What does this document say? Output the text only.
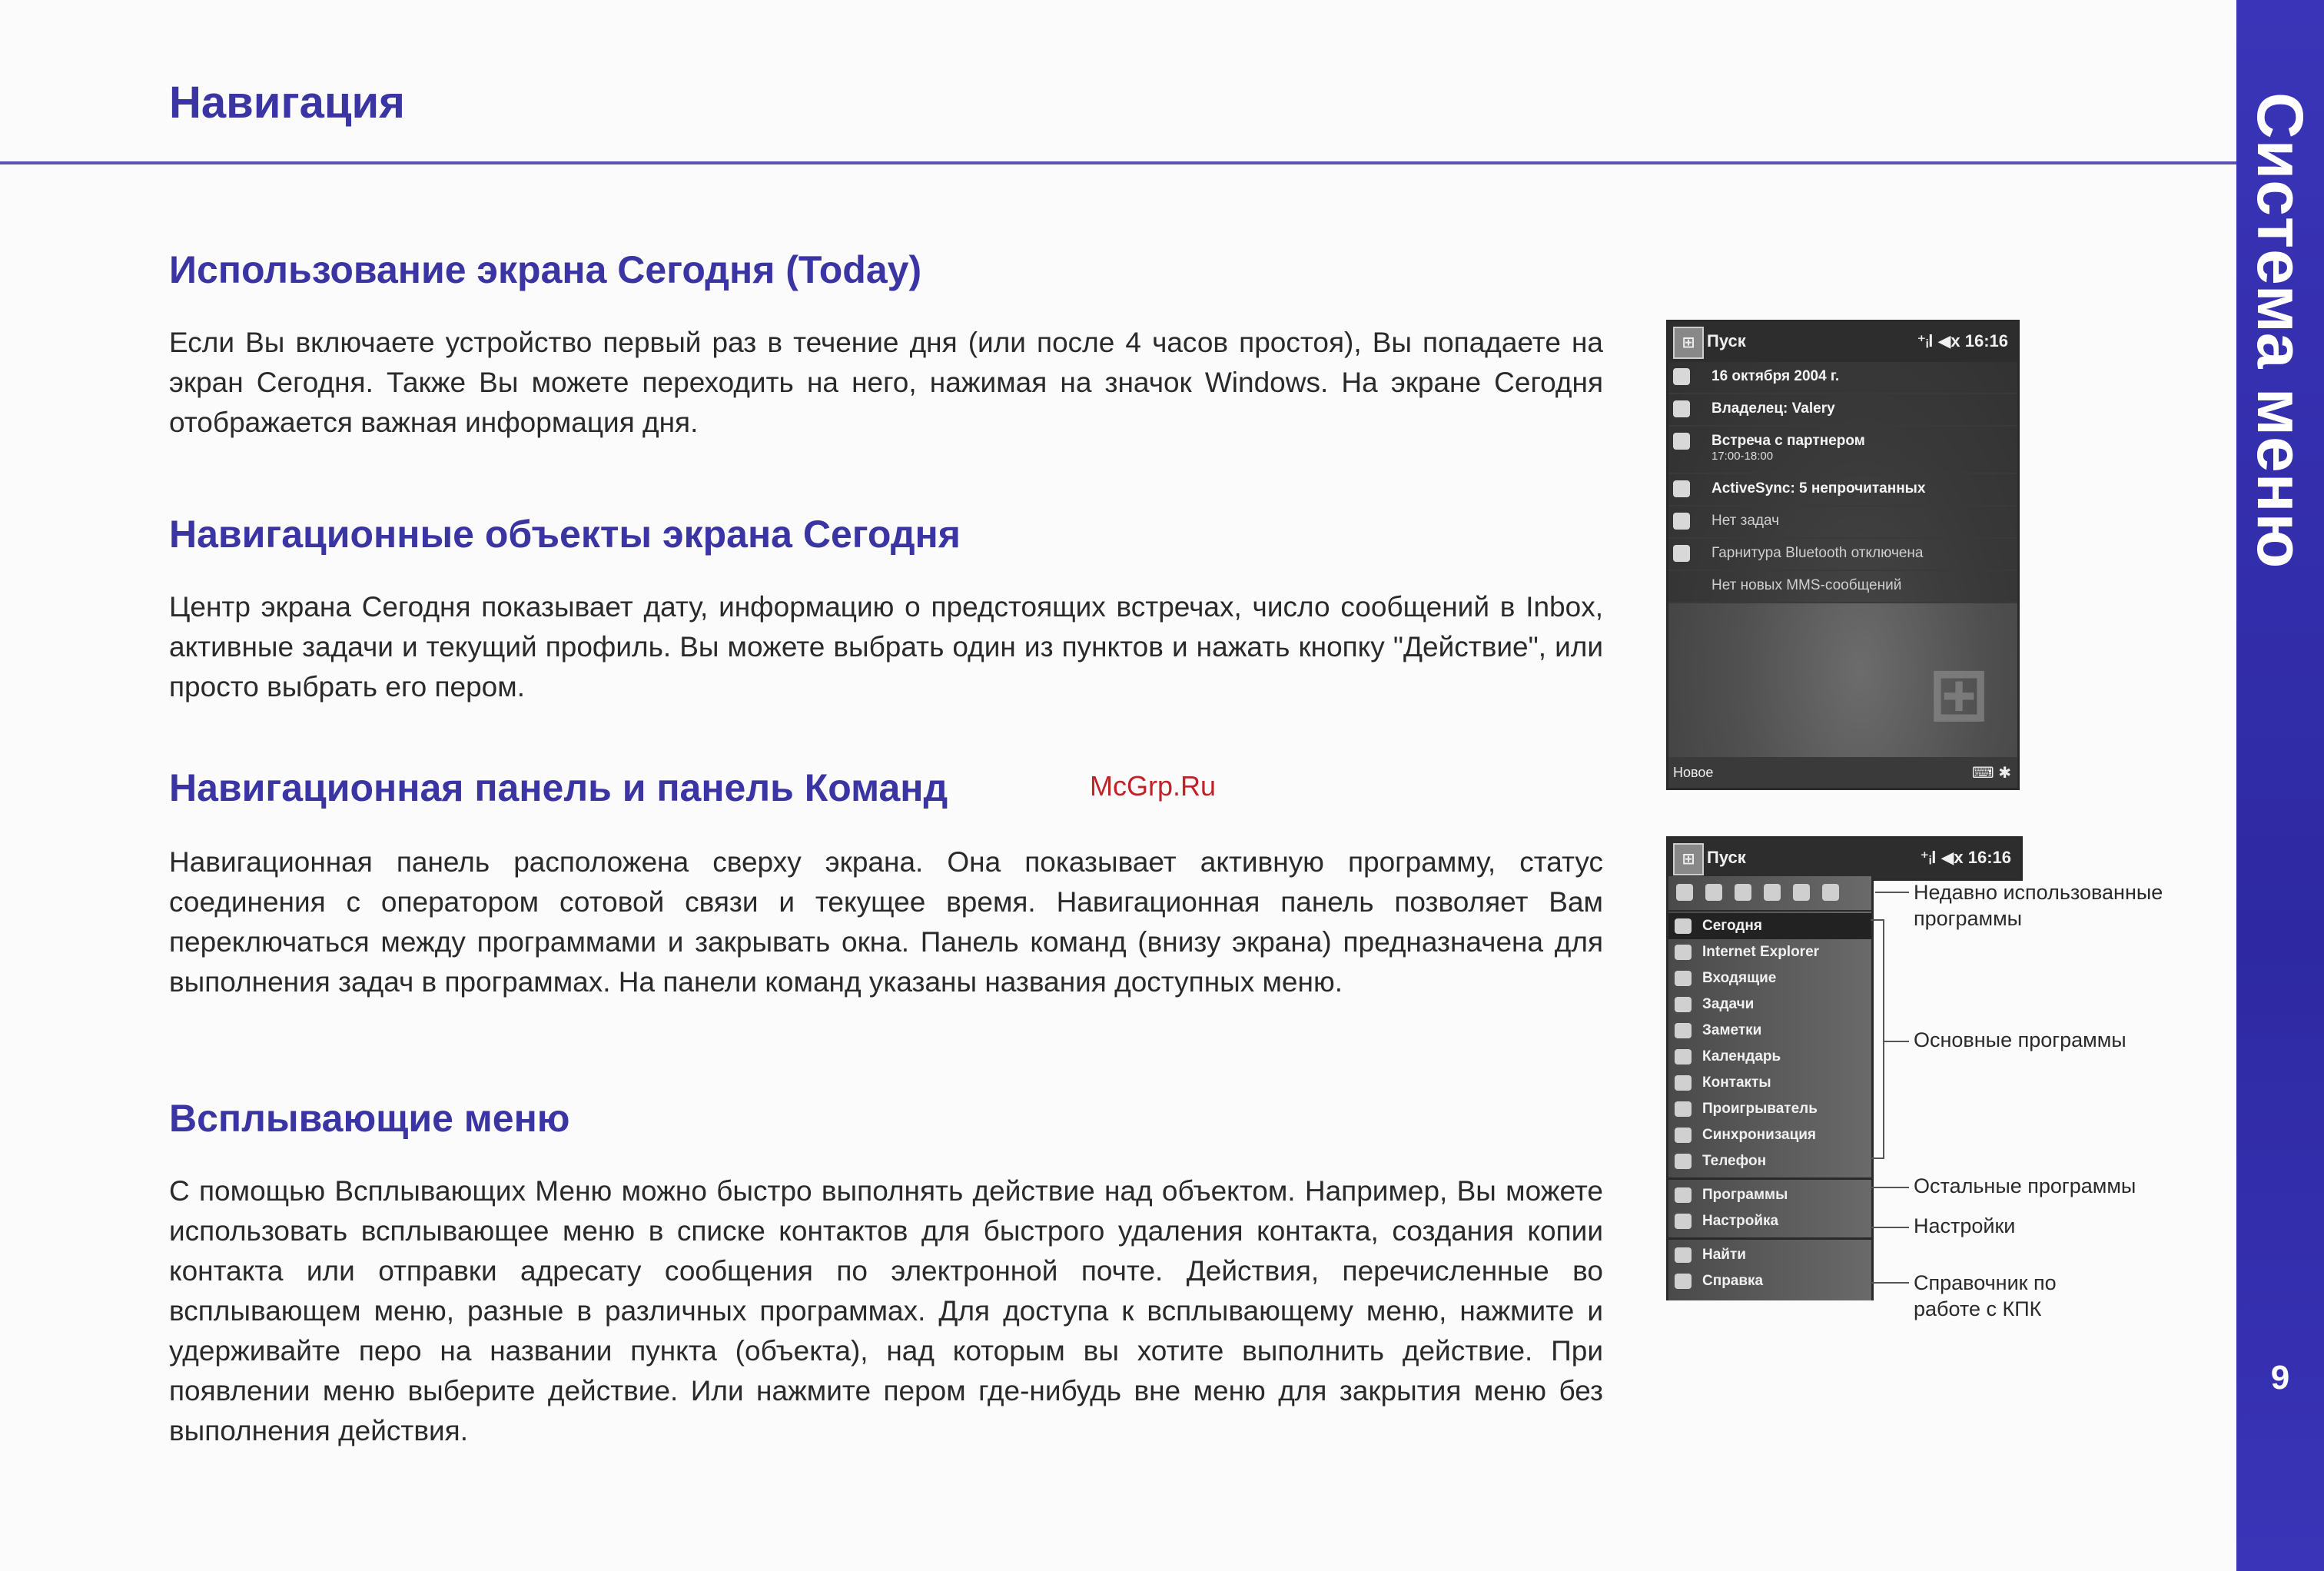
Навигация	Система меню
9
Использование экрана Сегодня (Today)

Если Вы включаете устройство первый раз в течение дня (или после 4 часов простоя), Вы попадаете на экран Сегодня. Также Вы можете переходить на него, нажимая на значок Windows. На экране Сегодня отображается важная информация дня.

Навигационные объекты экрана Сегодня

Центр экрана Сегодня показывает дату, информацию о предстоящих встречах, число сообщений в Inbox, активные задачи и текущий профиль. Вы можете выбрать один из пунктов и нажать кнопку "Действие", или просто выбрать его пером.

Навигационная панель и панель Команд

Навигационная панель расположена сверху экрана. Она показывает активную программу, статус соединения с оператором сотовой связи и текущее время. Навигационная панель позволяет Вам переключаться между программами и закрывать окна. Панель команд (внизу экрана) предназначена для выполнения задач в программах. На панели команд указаны названия доступных меню.

Всплывающие меню

С помощью Всплывающих Меню можно быстро выполнять действие над объектом. Например, Вы можете использовать всплывающее меню в списке контактов для быстрого удаления контакта, создания копии контакта или отправки адресату сообщения по электронной почте. Действия, перечисленные во всплывающем меню, разные в различных программах. Для доступа к всплывающему меню, нажмите и удерживайте перо на названии пункта (объекта), над которым вы хотите выполнить действие. При появлении меню выберите действие. Или нажмите пером где-нибудь вне меню для закрытия меню без выполнения действия.

McGrp.Ru
⊞ Пуск	⁺ᵢl ◀x 16:16
16 октября 2004 г.
Владелец: Valery
Встреча с партнером
17:00-18:00
ActiveSync: 5 непрочитанных
Нет задач
Гарнитура Bluetooth отключена
Нет новых MMS-сообщений
⊞
Новое	⌨ ✱
⊞ Пуск	⁺ᵢl ◀x 16:16
Сегодня
Internet Explorer
Входящие
Задачи
Заметки
Календарь
Контакты
Проигрыватель
Синхронизация
Телефон
Программы
Настройка
Найти
Справка
Недавно использованные программы
Основные программы
Остальные программы
Настройки
Справочник по работе с КПК
